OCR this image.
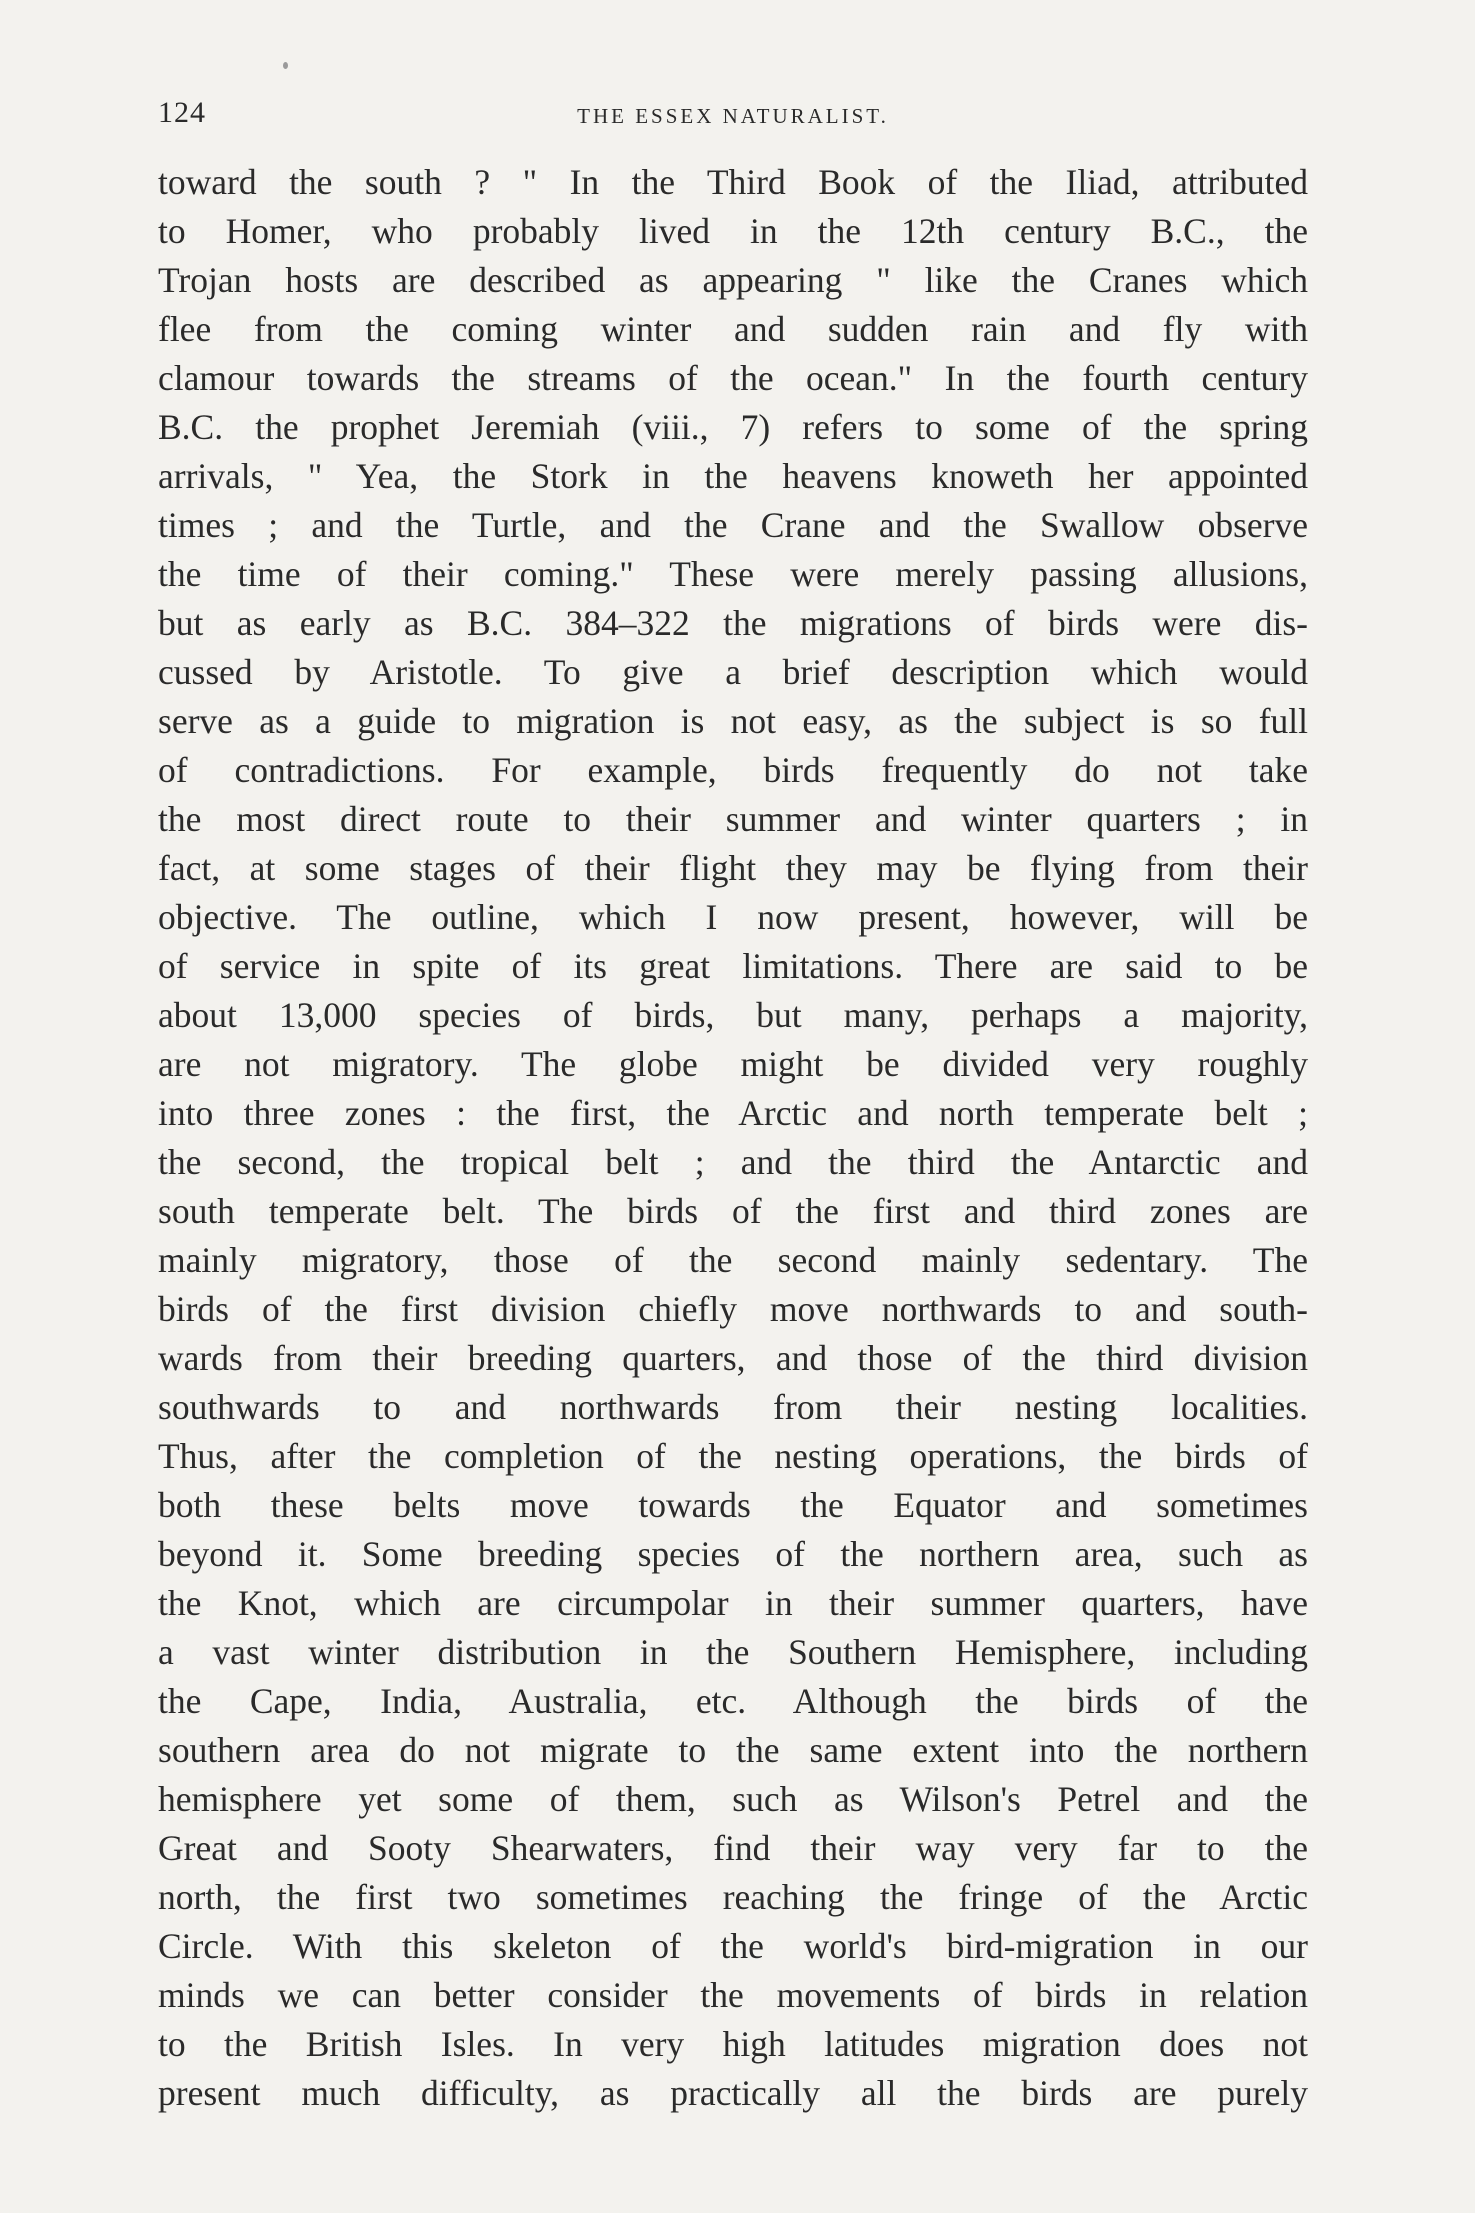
124	THE ESSEX NATURALIST.
toward the south ? " In the Third Book of the Iliad, attributed
to Homer, who probably lived in the 12th century B.C., the
Trojan hosts are described as appearing " like the Cranes which
flee from the coming winter and sudden rain and fly with
clamour towards the streams of the ocean." In the fourth century
B.C. the prophet Jeremiah (viii., 7) refers to some of the spring
arrivals, " Yea, the Stork in the heavens knoweth her appointed
times ; and the Turtle, and the Crane and the Swallow observe
the time of their coming." These were merely passing allusions,
but as early as B.C. 384–322 the migrations of birds were dis-
cussed by Aristotle. To give a brief description which would
serve as a guide to migration is not easy, as the subject is so full
of contradictions. For example, birds frequently do not take
the most direct route to their summer and winter quarters ; in
fact, at some stages of their flight they may be flying from their
objective. The outline, which I now present, however, will be
of service in spite of its great limitations. There are said to be
about 13,000 species of birds, but many, perhaps a majority,
are not migratory. The globe might be divided very roughly
into three zones : the first, the Arctic and north temperate belt ;
the second, the tropical belt ; and the third the Antarctic and
south temperate belt. The birds of the first and third zones are
mainly migratory, those of the second mainly sedentary. The
birds of the first division chiefly move northwards to and south-
wards from their breeding quarters, and those of the third division
southwards to and northwards from their nesting localities.
Thus, after the completion of the nesting operations, the birds of
both these belts move towards the Equator and sometimes
beyond it. Some breeding species of the northern area, such as
the Knot, which are circumpolar in their summer quarters, have
a vast winter distribution in the Southern Hemisphere, including
the Cape, India, Australia, etc. Although the birds of the
southern area do not migrate to the same extent into the northern
hemisphere yet some of them, such as Wilson's Petrel and the
Great and Sooty Shearwaters, find their way very far to the
north, the first two sometimes reaching the fringe of the Arctic
Circle. With this skeleton of the world's bird-migration in our
minds we can better consider the movements of birds in relation
to the British Isles. In very high latitudes migration does not
present much difficulty, as practically all the birds are purely
